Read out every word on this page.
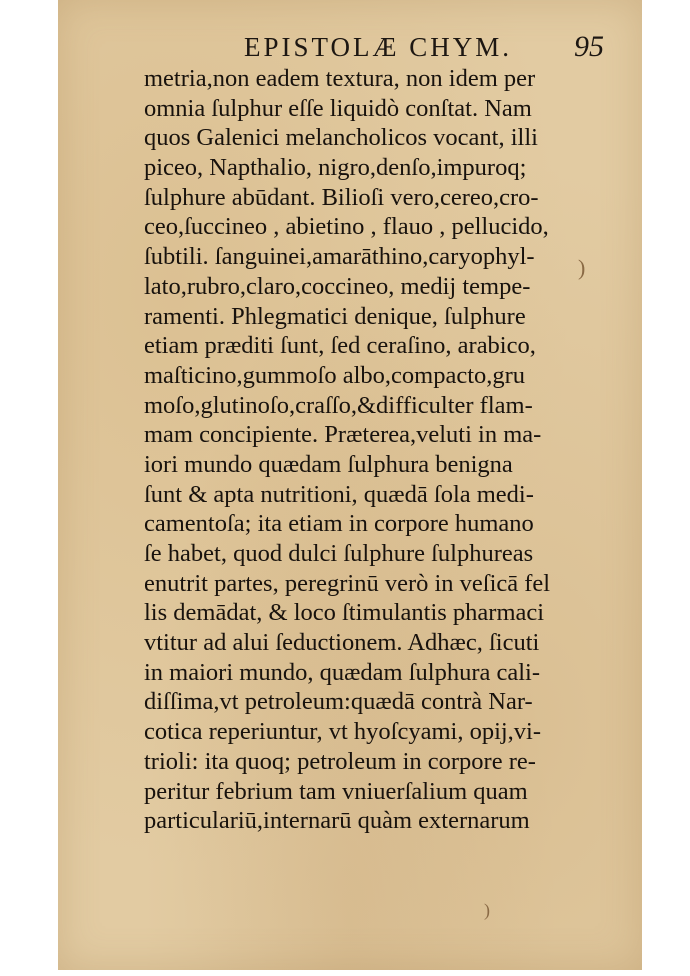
EPISTOLÆ CHYM. 95
metria,non eadem textura, non idem per
omnia ſulphur eſſe liquidò conſtat. Nam
quos Galenici melancholicos vocant, illi
piceo, Napthalio, nigro,denſo,impuroq;
ſulphure abūdant. Bilioſi vero,cereo,cro-
ceo,ſuccineo , abietino , flauo , pellucido,
ſubtili. ſanguinei,amarāthino,caryophyl-
lato,rubro,claro,coccineo, medij tempe-
ramenti. Phlegmatici denique, ſulphure
etiam præditi ſunt, ſed ceraſino, arabico,
maſticino,gummoſo albo,compacto,gru
moſo,glutinoſo,craſſo,&difficulter flam-
mam concipiente. Præterea,veluti in ma-
iori mundo quædam ſulphura benigna
ſunt & apta nutritioni, quædā ſola medi-
camentoſa; ita etiam in corpore humano
ſe habet, quod dulci ſulphure ſulphureas
enutrit partes, peregrinū verò in veſicā fel
lis demādat, & loco ſtimulantis pharmaci
vtitur ad alui ſeductionem. Adhæc, ſicuti
in maiori mundo, quædam ſulphura cali-
diſſima,vt petroleum:quædā contrà Nar-
cotica reperiuntur, vt hyoſcyami, opij,vi-
trioli: ita quoq; petroleum in corpore re-
peritur febrium tam vniuerſalium quam
particulariū,internarū quàm externarum
)
)
